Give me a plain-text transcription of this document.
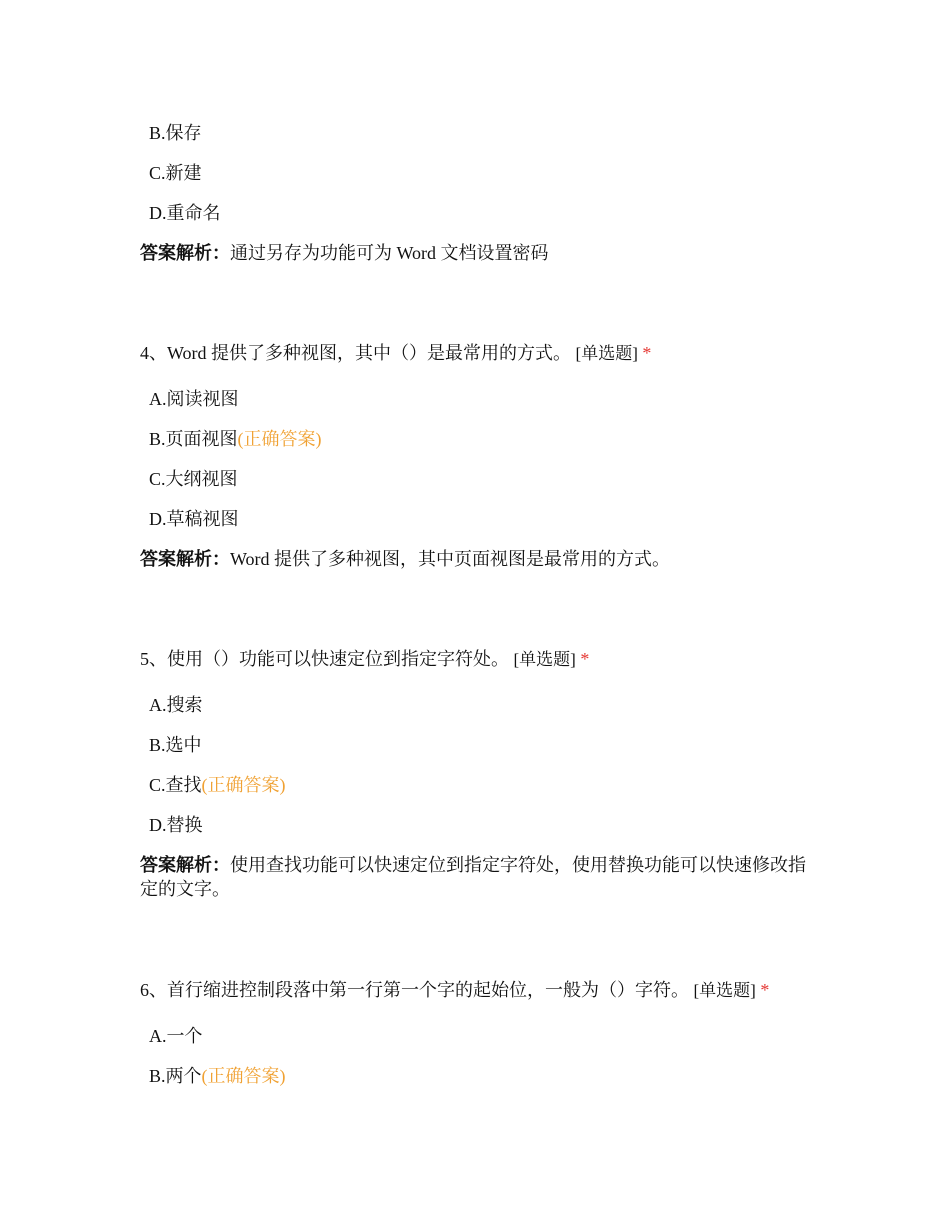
B.保存
C.新建
D.重命名
答案解析：通过另存为功能可为 Word 文档设置密码
4、Word 提供了多种视图，其中（）是最常用的方式。 [单选题] *
A.阅读视图
B.页面视图(正确答案)
C.大纲视图
D.草稿视图
答案解析：Word 提供了多种视图，其中页面视图是最常用的方式。
5、使用（）功能可以快速定位到指定字符处。 [单选题] *
A.搜索
B.选中
C.查找(正确答案)
D.替换
答案解析：使用查找功能可以快速定位到指定字符处，使用替换功能可以快速修改指定的文字。
6、首行缩进控制段落中第一行第一个字的起始位，一般为（）字符。 [单选题] *
A.一个
B.两个(正确答案)
